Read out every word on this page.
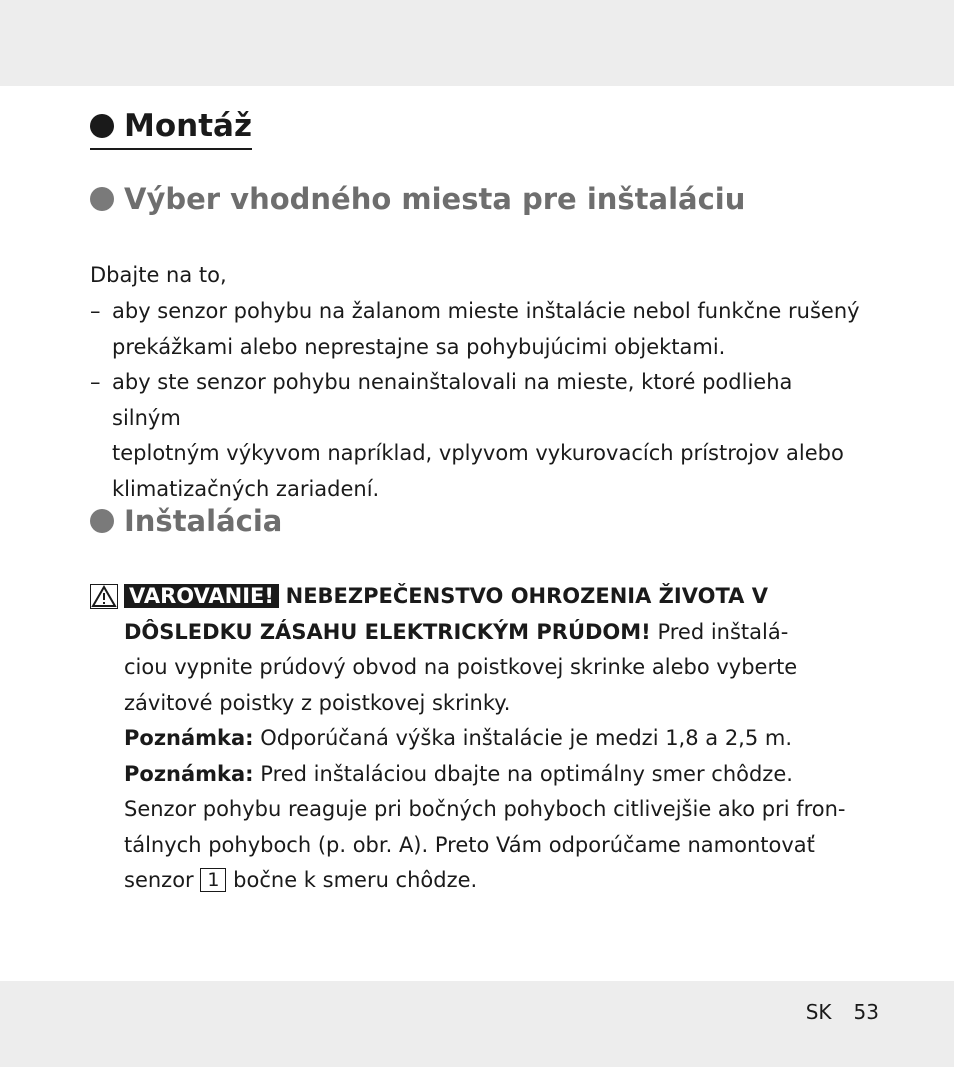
Montáž
Výber vhodného miesta pre inštaláciu
Dbajte na to,
– aby senzor pohybu na žalanom mieste inštalácie nebol funkčne rušený
prekážkami alebo neprestajne sa pohybujúcimi objektami.
– aby ste senzor pohybu nenainštalovali na mieste, ktoré podlieha silným
teplotným výkyvom napríklad, vplyvom vykurovacích prístrojov alebo
klimatizačných zariadení.
Inštalácia
VAROVANIE! NEBEZPEČENSTVO OHROZENIA ŽIVOTA V
DÔSLEDKU ZÁSAHU ELEKTRICKÝM PRÚDOM! Pred inštalá-
ciou vypnite prúdový obvod na poistkovej skrinke alebo vyberte
závitové poistky z poistkovej skrinky.
Poznámka: Odporúčaná výška inštalácie je medzi 1,8 a 2,5 m.
Poznámka: Pred inštaláciou dbajte na optimálny smer chôdze.
Senzor pohybu reaguje pri bočných pohyboch citlivejšie ako pri fron-
tálnych pohyboch (p. obr. A). Preto Vám odporúčame namontovať
senzor 1 bočne k smeru chôdze.
SK 53
